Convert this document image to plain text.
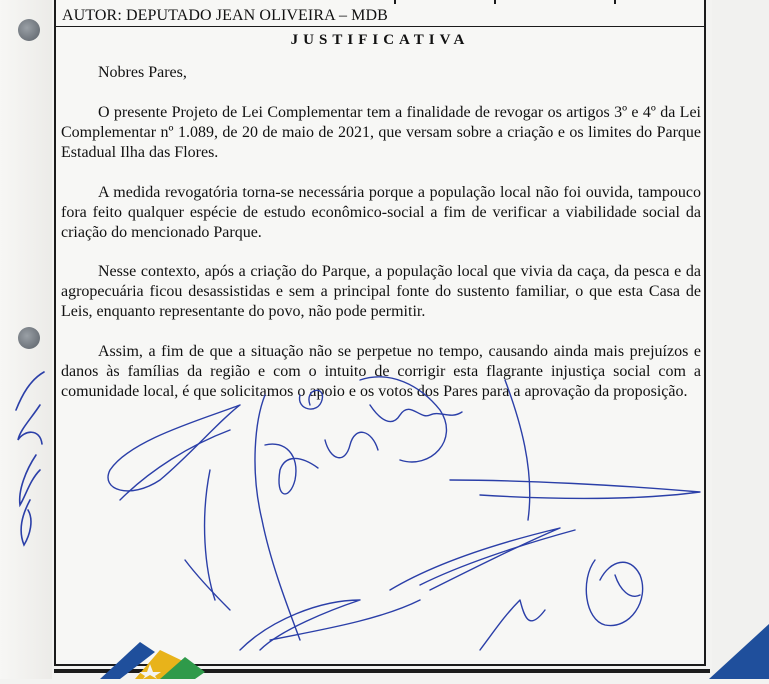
AUTOR: DEPUTADO JEAN OLIVEIRA – MDB
JUSTIFICATIVA
Nobres Pares,
O presente Projeto de Lei Complementar tem a finalidade de revogar os artigos 3º e 4º da Lei Complementar nº 1.089, de 20 de maio de 2021, que versam sobre a criação e os limites do Parque Estadual Ilha das Flores.
A medida revogatória torna-se necessária porque a população local não foi ouvida, tampouco fora feito qualquer espécie de estudo econômico-social a fim de verificar a viabilidade social da criação do mencionado Parque.
Nesse contexto, após a criação do Parque, a população local que vivia da caça, da pesca e da agropecuária ficou desassistidas e sem a principal fonte do sustento familiar, o que esta Casa de Leis, enquanto representante do povo, não pode permitir.
Assim, a fim de que a situação não se perpetue no tempo, causando ainda mais prejuízos e danos às famílias da região e com o intuito de corrigir esta flagrante injustiça social com a comunidade local, é que solicitamos o apoio e os votos dos Pares para a aprovação da proposição.
